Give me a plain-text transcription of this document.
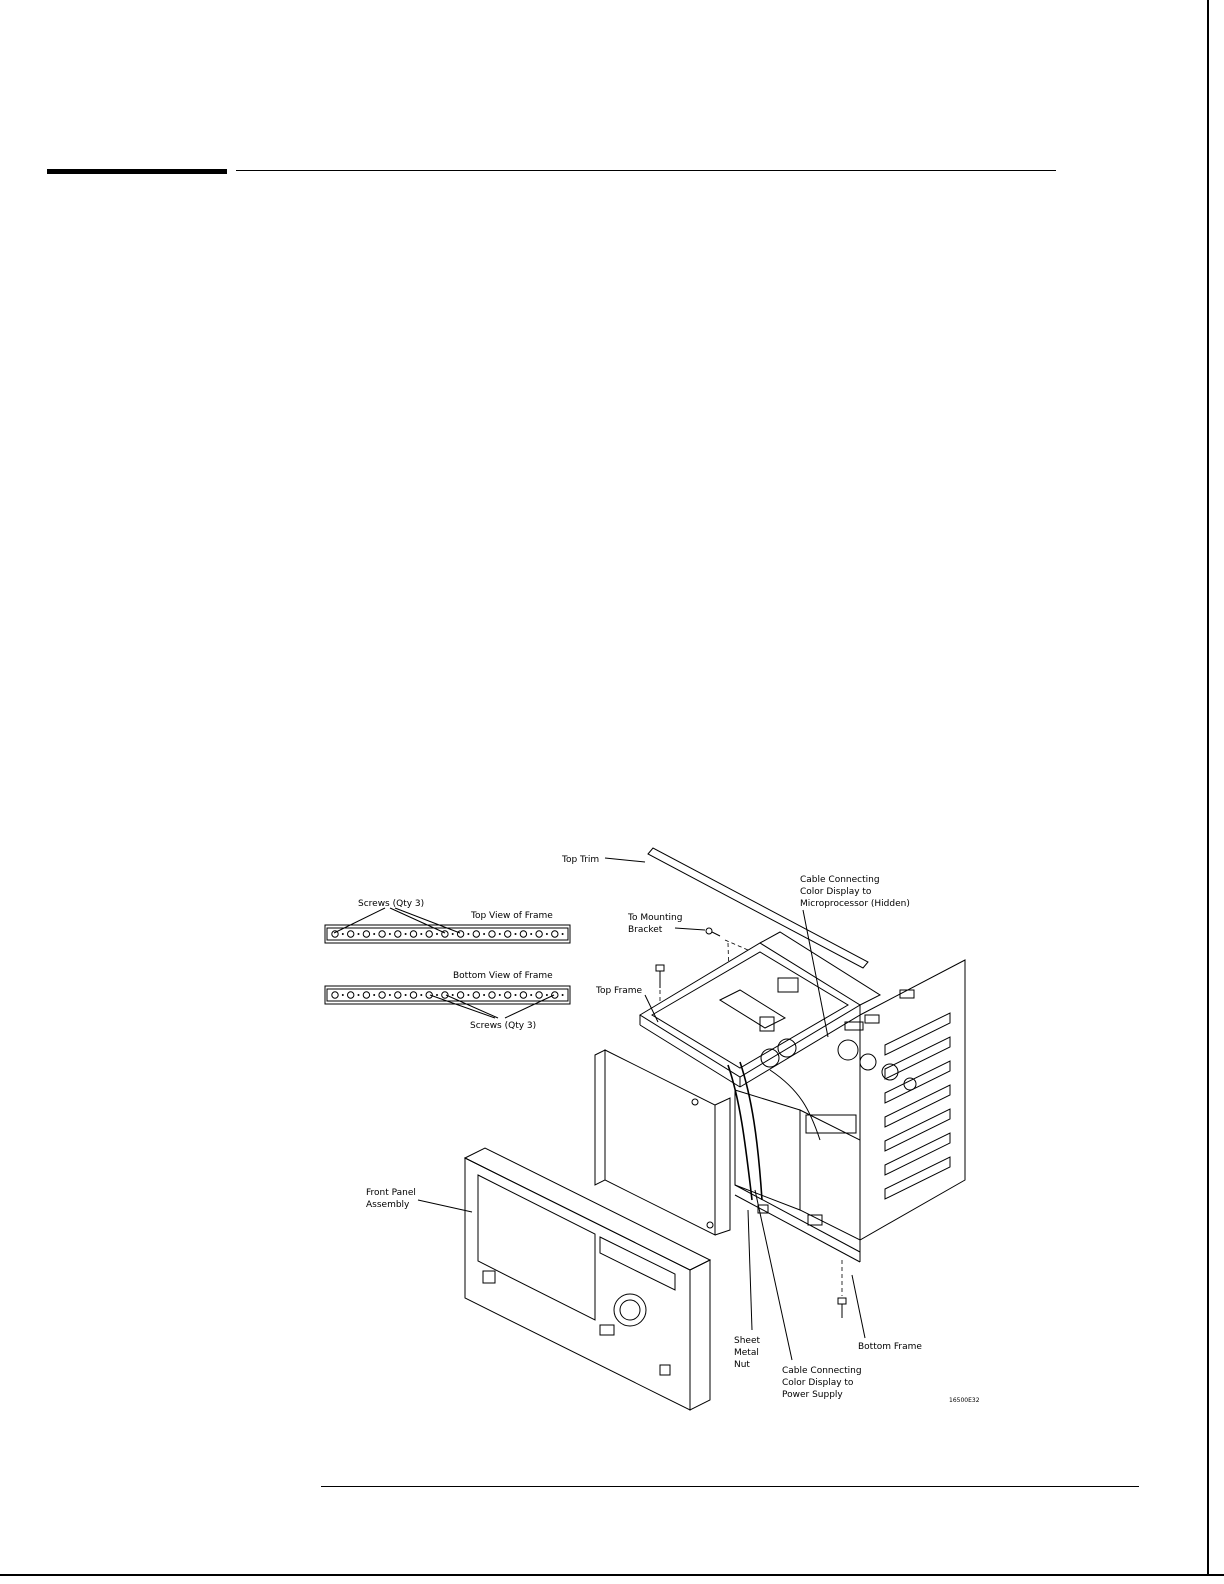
Top Trim
Screws (Qty 3)
Top View of Frame
Bottom View of Frame
Screws (Qty 3)
To Mounting
Bracket
Top Frame
Cable Connecting
Color Display to
Microprocessor (Hidden)
Front Panel
Assembly
Sheet
Metal
Nut
Cable Connecting
Color Display to
Power Supply
Bottom Frame
16500E32
